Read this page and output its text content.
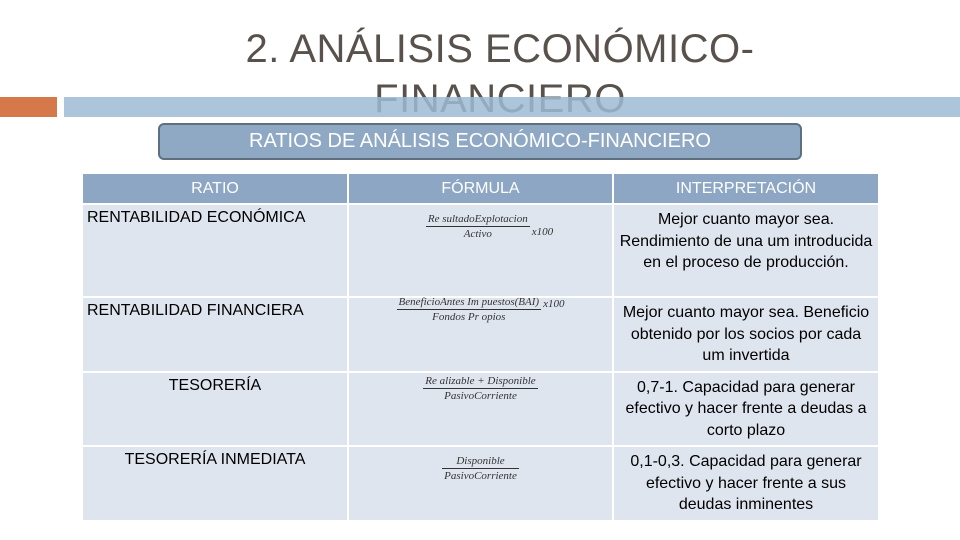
2. ANÁLISIS ECONÓMICO-
RATIOS DE ANÁLISIS ECONÓMICO-FINANCIERO
RATIO	FÓRMULA	INTERPRETACIÓN
RENTABILIDAD ECONÓMICA	$\frac{\text{Re sultadoExplotacion}}{\text{Activo}} x100$	Mejor cuanto mayor sea. Rendimiento de una um introducida en el proceso de producción.
RENTABILIDAD FINANCIERA	$\frac{\text{BeneficioAntes Im puestos(BAI)}}{\text{Fondos Pr opios}} x100$	Mejor cuanto mayor sea. Beneficio obtenido por los socios por cada um invertida
TESORERÍA	$\frac{\text{Re alizable + Disponible}}{\text{PasivoCorriente}}$	0,7-1. Capacidad para generar efectivo y hacer frente a deudas a corto plazo
TESORERÍA INMEDIATA	$\frac{\text{Disponible}}{\text{PasivoCorriente}}$	0,1-0,3. Capacidad para generar efectivo y hacer frente a sus deudas inminentes
